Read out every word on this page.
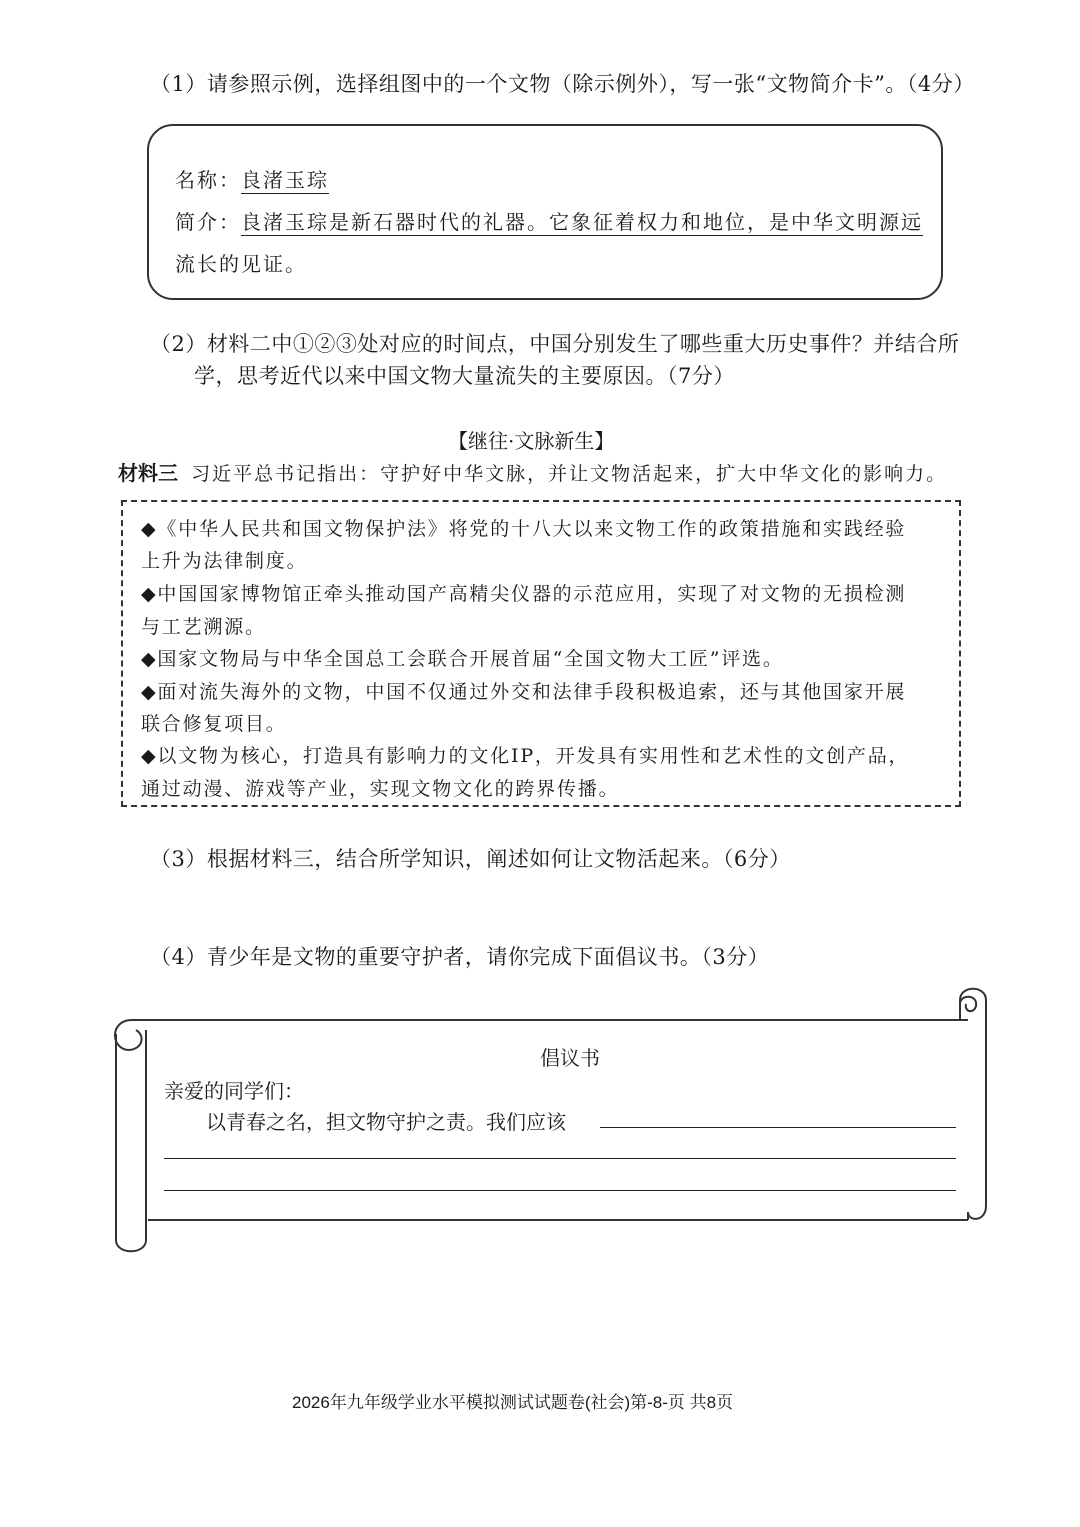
（1）请参照示例，选择组图中的一个文物（除示例外），写一张“文物简介卡”。（4分）
名称：良渚玉琮
简介：良渚玉琮是新石器时代的礼器。它象征着权力和地位，是中华文明源远
流长的见证。
（2）材料二中①②③处对应的时间点，中国分别发生了哪些重大历史事件？并结合所
学，思考近代以来中国文物大量流失的主要原因。（7分）
【继往·文脉新生】
材料三 习近平总书记指出：守护好中华文脉，并让文物活起来，扩大中华文化的影响力。
◆《中华人民共和国文物保护法》将党的十八大以来文物工作的政策措施和实践经验
上升为法律制度。
◆中国国家博物馆正牵头推动国产高精尖仪器的示范应用，实现了对文物的无损检测
与工艺溯源。
◆国家文物局与中华全国总工会联合开展首届“全国文物大工匠”评选。
◆面对流失海外的文物，中国不仅通过外交和法律手段积极追索，还与其他国家开展
联合修复项目。
◆以文物为核心，打造具有影响力的文化IP，开发具有实用性和艺术性的文创产品，
通过动漫、游戏等产业，实现文物文化的跨界传播。
（3）根据材料三，结合所学知识，阐述如何让文物活起来。（6分）
（4）青少年是文物的重要守护者，请你完成下面倡议书。（3分）
倡议书
亲爱的同学们：
以青春之名，担文物守护之责。我们应该
2026年九年级学业水平模拟测试试题卷(社会)第-8-页 共8页
